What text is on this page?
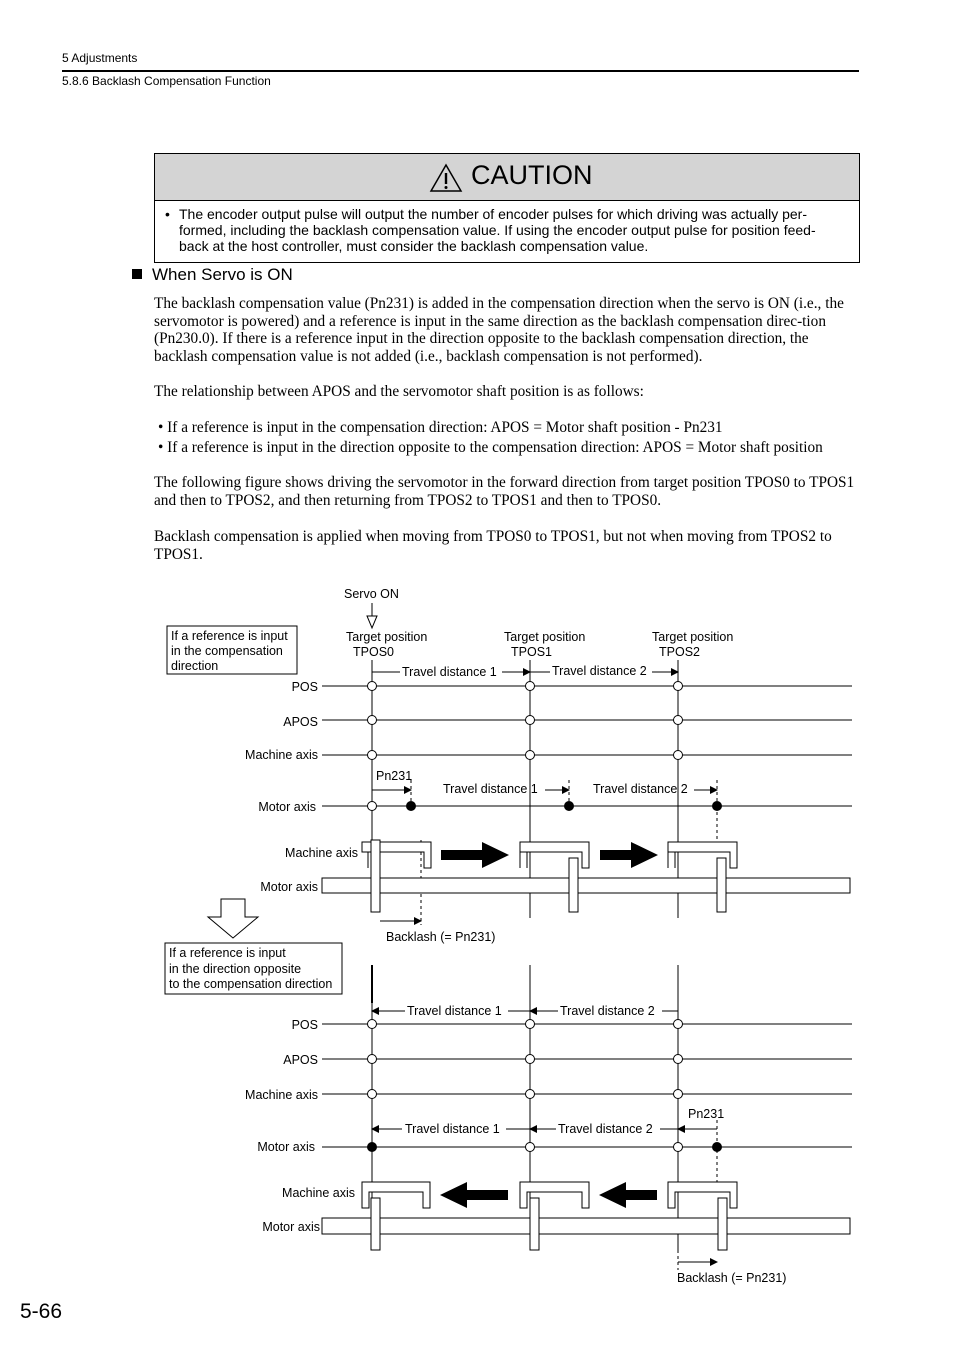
5 Adjustments
5.8.6 Backlash Compensation Function
CAUTION
• The encoder output pulse will output the number of encoder pulses for which driving was actually per-formed, including the backlash compensation value. If using the encoder output pulse for position feed-back at the host controller, must consider the backlash compensation value.
When Servo is ON
The backlash compensation value (Pn231) is added in the compensation direction when the servo is ON (i.e., the servomotor is powered) and a reference is input in the same direction as the backlash compensation direc-tion (Pn230.0). If there is a reference input in the direction opposite to the backlash compensation direction, the backlash compensation value is not added (i.e., backlash compensation is not performed).
The relationship between APOS and the servomotor shaft position is as follows:
• If a reference is input in the compensation direction: APOS = Motor shaft position - Pn231
• If a reference is input in the direction opposite to the compensation direction: APOS = Motor shaft position
The following figure shows driving the servomotor in the forward direction from target position TPOS0 to TPOS1 and then to TPOS2, and then returning from TPOS2 to TPOS1 and then to TPOS0.
Backlash compensation is applied when moving from TPOS0 to TPOS1, but not when moving from TPOS2 to TPOS1.
Servo ON
If a reference is input
in the compensation
direction
Target position
TPOS0
Target position
TPOS1
Target position
TPOS2
Travel distance 1	Travel distance 2
POS
APOS
Machine axis
Motor axis
Pn231
Travel distance 1	Travel distance 2
Machine axis
Motor axis
Backlash (= Pn231)
If a reference is input
in the direction opposite
to the compensation direction
Travel distance 1	Travel distance 2
POS
APOS
Machine axis
Motor axis
Travel distance 1	Travel distance 2
Pn231
Machine axis
Motor axis
Backlash (= Pn231)
5-66
